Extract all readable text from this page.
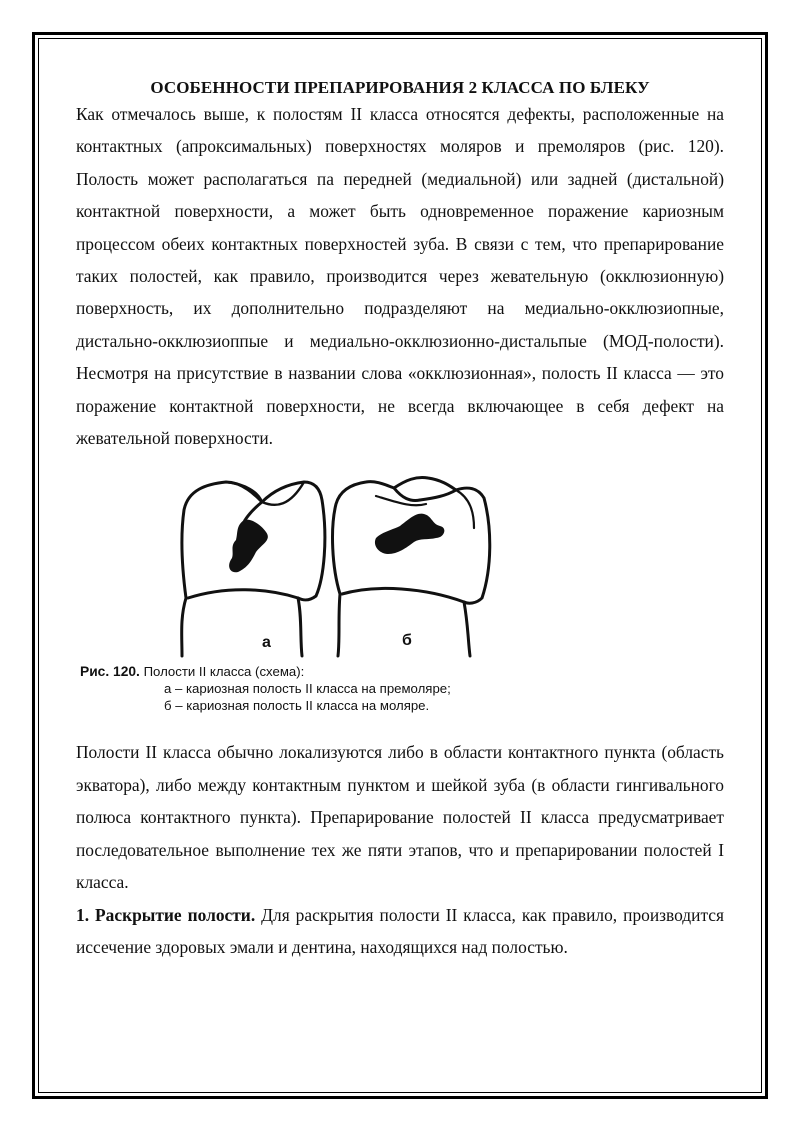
ОСОБЕННОСТИ ПРЕПАРИРОВАНИЯ 2 КЛАССА ПО БЛЕКУ

Как отмечалось выше, к полостям II класса относятся дефекты, расположенные на контактных (апроксимальных) поверхностях моляров и премоляров (рис. 120). Полость может располагаться па передней (медиальной) или задней (дистальной) контактной поверхности, а может быть одновременное поражение кариозным процессом обеих контактных поверхностей зуба. В связи с тем, что препарирование таких полостей, как правило, производится через жевательную (окклюзионную) поверхность, их дополнительно подразделяют на медиально-окклюзиопные, дистально-окклюзиоппые и медиально-окклюзионно-дистальпые (МОД-полости). Несмотря на присутствие в названии слова «окклюзионная», полость II класса — это поражение контактной поверхности, не всегда включающее в себя дефект на жевательной поверхности.

а	б
Рис. 120. Полости II класса (схема):
а – кариозная полость II класса на премоляре;
б – кариозная полость II класса на моляре.

Полости II класса обычно локализуются либо в области контактного пункта (область экватора), либо между контактным пунктом и шейкой зуба (в области гингивального полюса контактного пункта). Препарирование полостей II класса предусматривает последовательное выполнение тех же пяти этапов, что и препарировании полостей I класса.

1. Раскрытие полости. Для раскрытия полости II класса, как правило, производится иссечение здоровых эмали и дентина, находящихся над полостью.
